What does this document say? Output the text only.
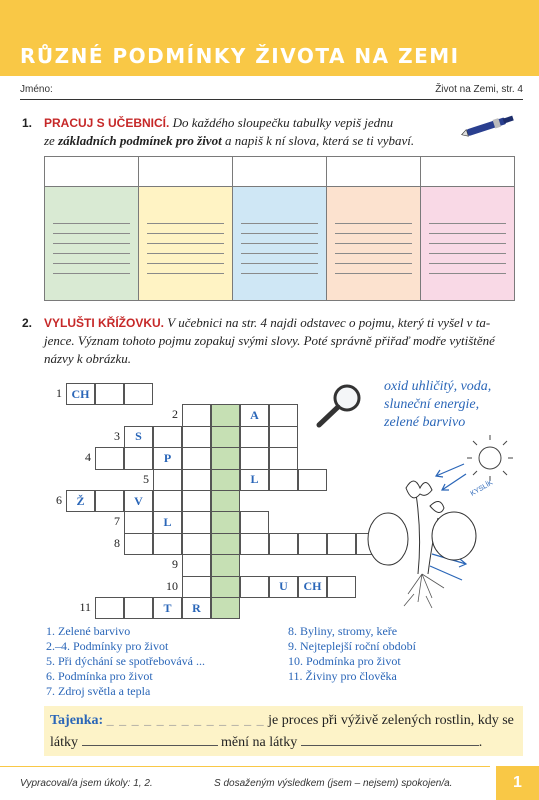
RŮZNÉ PODMÍNKY ŽIVOTA NA ZEMI
Jméno:	Život na Zemi, str. 4
1. PRACUJ S UČEBNICÍ. Do každého sloupečku tabulky vepiš jednu
ze základních podmínek pro život a napiš k ní slova, která se ti vybaví.

2. VYLUŠTI KŘÍŽOVKU. V učebnici na str. 4 najdi odstavec o pojmu, který ti vyšel v ta-
jence. Význam tohoto pojmu zopakuj svými slovy. Poté správně přiřaď modře vytištěné
názvy k obrázku.
1 CH
2	A
3	S
4	P
5	L
6	Ž	V
7	L
8
9
10	U	CH
11	T	R
oxid uhličitý, voda,
sluneční energie,
zelené barvivo
KYSLÍK
1. Zelené barvivo
2.–4. Podmínky pro život
5. Při dýchání se spotřebovává ...
6. Podmínka pro život
7. Zdroj světla a tepla
8. Byliny, stromy, keře
9. Nejteplejší roční období
10. Podmínka pro život
11. Živiny pro člověka
Tajenka: _ _ _ _ _ _ _ _ _ _ _ _ _ je proces při výživě zelených rostlin, kdy se
látky	mění na látky	.
Vypracoval/a jsem úkoly: 1, 2.	S dosaženým výsledkem (jsem – nejsem) spokojen/a.	1
